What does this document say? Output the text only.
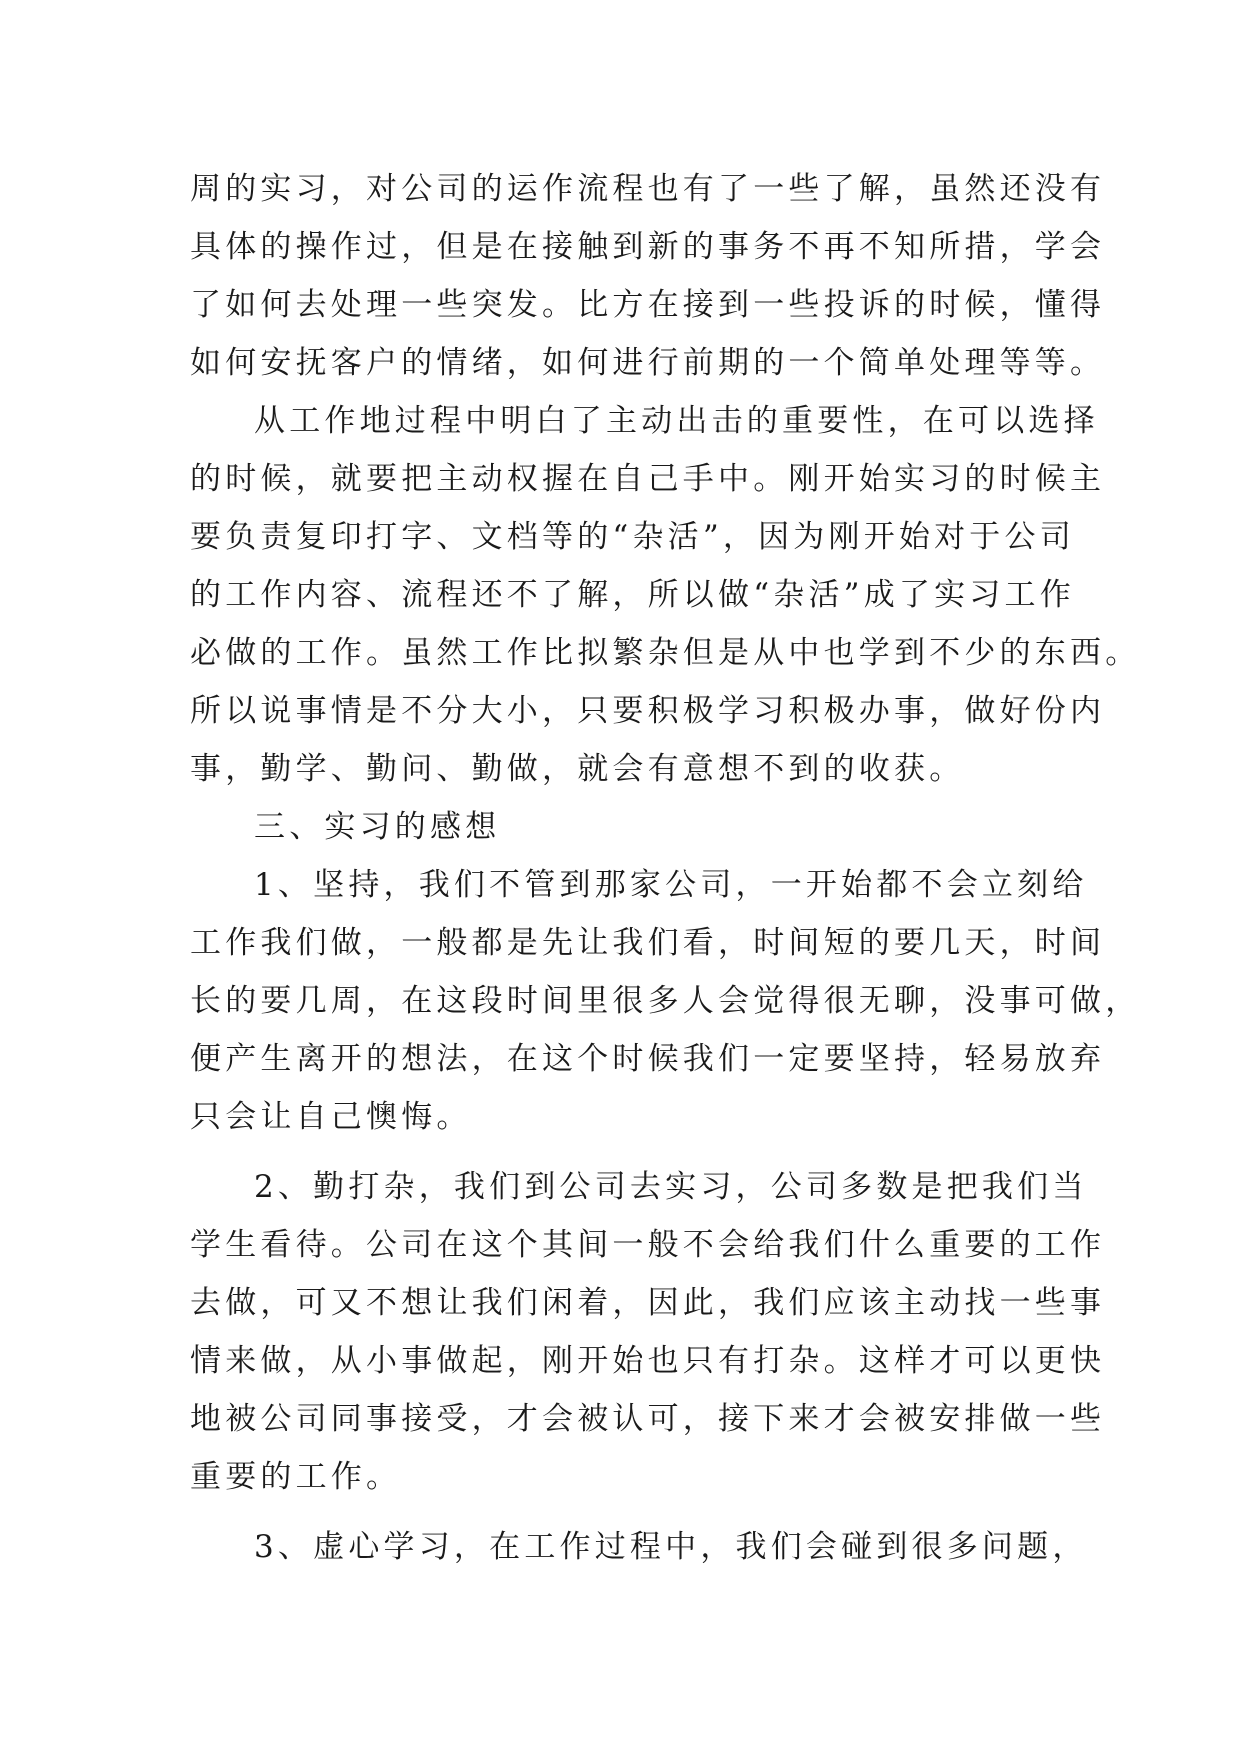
周的实习，对公司的运作流程也有了一些了解，虽然还没有
具体的操作过，但是在接触到新的事务不再不知所措，学会
了如何去处理一些突发。比方在接到一些投诉的时候，懂得
如何安抚客户的情绪，如何进行前期的一个简单处理等等。
从工作地过程中明白了主动出击的重要性，在可以选择
的时候，就要把主动权握在自己手中。刚开始实习的时候主
要负责复印打字、文档等的“杂活”，因为刚开始对于公司
的工作内容、流程还不了解，所以做“杂活”成了实习工作
必做的工作。虽然工作比拟繁杂但是从中也学到不少的东西。
所以说事情是不分大小，只要积极学习积极办事，做好份内
事，勤学、勤问、勤做，就会有意想不到的收获。
三、实习的感想
1、坚持，我们不管到那家公司，一开始都不会立刻给
工作我们做，一般都是先让我们看，时间短的要几天，时间
长的要几周，在这段时间里很多人会觉得很无聊，没事可做，
便产生离开的想法，在这个时候我们一定要坚持，轻易放弃
只会让自己懊悔。
2、勤打杂，我们到公司去实习，公司多数是把我们当
学生看待。公司在这个其间一般不会给我们什么重要的工作
去做，可又不想让我们闲着，因此，我们应该主动找一些事
情来做，从小事做起，刚开始也只有打杂。这样才可以更快
地被公司同事接受，才会被认可，接下来才会被安排做一些
重要的工作。
3、虚心学习，在工作过程中，我们会碰到很多问题，
